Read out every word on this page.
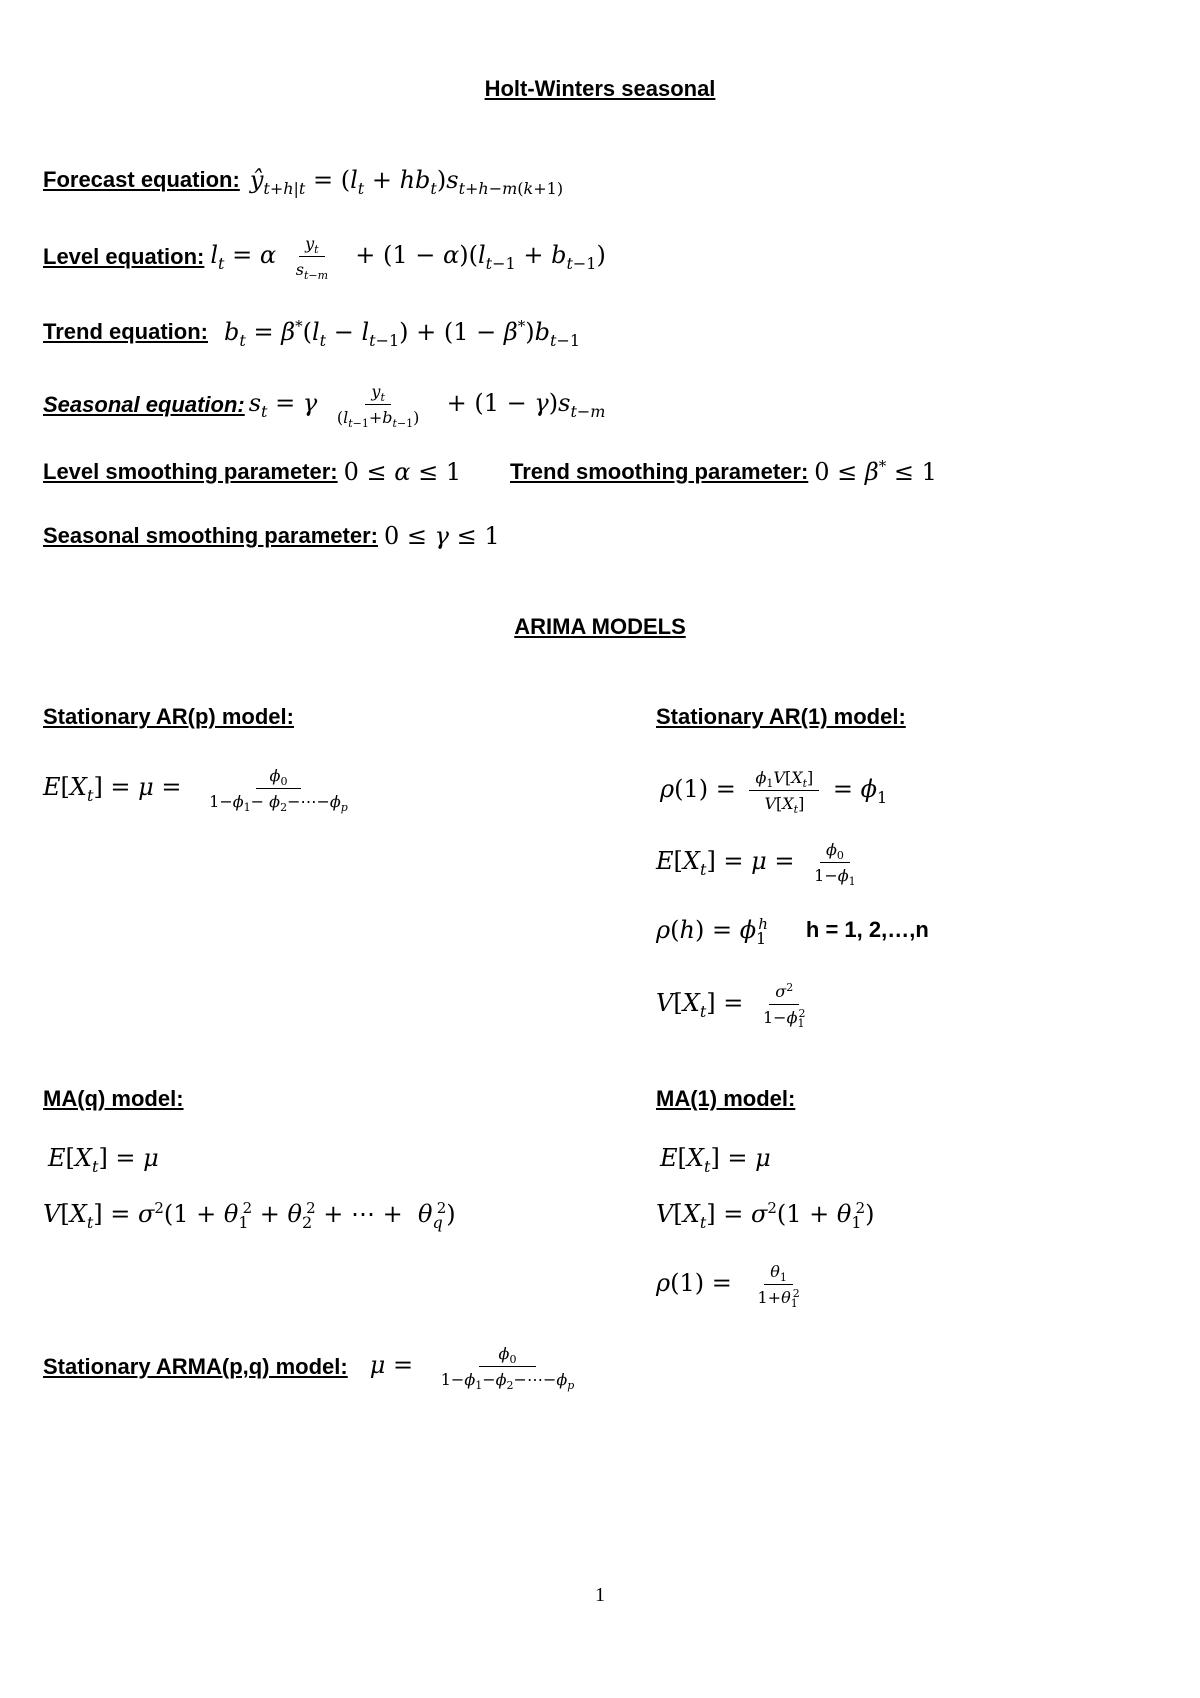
Holt-Winters seasonal
Forecast equation: $ŷ_{t+h|t} = (l_t + hb_t)s_{t+h-m(k+1)}$
Level equation: $l_t = \alpha \frac{y_t}{s_{t-m}} + (1 - \alpha)(l_{t-1} + b_{t-1})$
Trend equation: $b_t = \beta^*(l_t - l_{t-1}) + (1 - \beta^*)b_{t-1}$
Seasonal equation: $s_t = \gamma \frac{y_t}{(l_{t-1}+b_{t-1})} + (1 - \gamma)s_{t-m}$
Level smoothing parameter: 0 ≤ α ≤ 1 Trend smoothing parameter: 0 ≤ β* ≤ 1
Seasonal smoothing parameter: 0 ≤ γ ≤ 1
ARIMA MODELS
Stationary AR(p) model:
$E[X_t] = \mu = \frac{\phi_0}{1-\phi_1- \phi_2-\cdots-\phi_p}$
Stationary AR(1) model:
$\rho(1) = \frac{\phi_1V[X_t]}{V[X_t]} = \phi_1$
$E[X_t] = \mu = \frac{\phi_0}{1-\phi_1}$
$\rho(h) = \phi_1^h$ h = 1, 2,…,n
$V[X_t] = \frac{\sigma^2}{1-\phi_1^2}$
MA(q) model:
$E[X_t] = \mu$
$V[X_t] = \sigma^2(1 + \theta_1^2 + \theta_2^2$ + ⋯ +  $\theta_q^2$)
MA(1) model:
$E[X_t] = \mu$
$V[X_t] = \sigma^2(1 + \theta_1^2)$
$\rho(1) = \frac{\theta_1}{1+\theta_1^2}$
Stationary ARMA(p,q) model: $\mu = \frac{\phi_0}{1-\phi_1-\phi_2-\cdots-\phi_p}$
1
